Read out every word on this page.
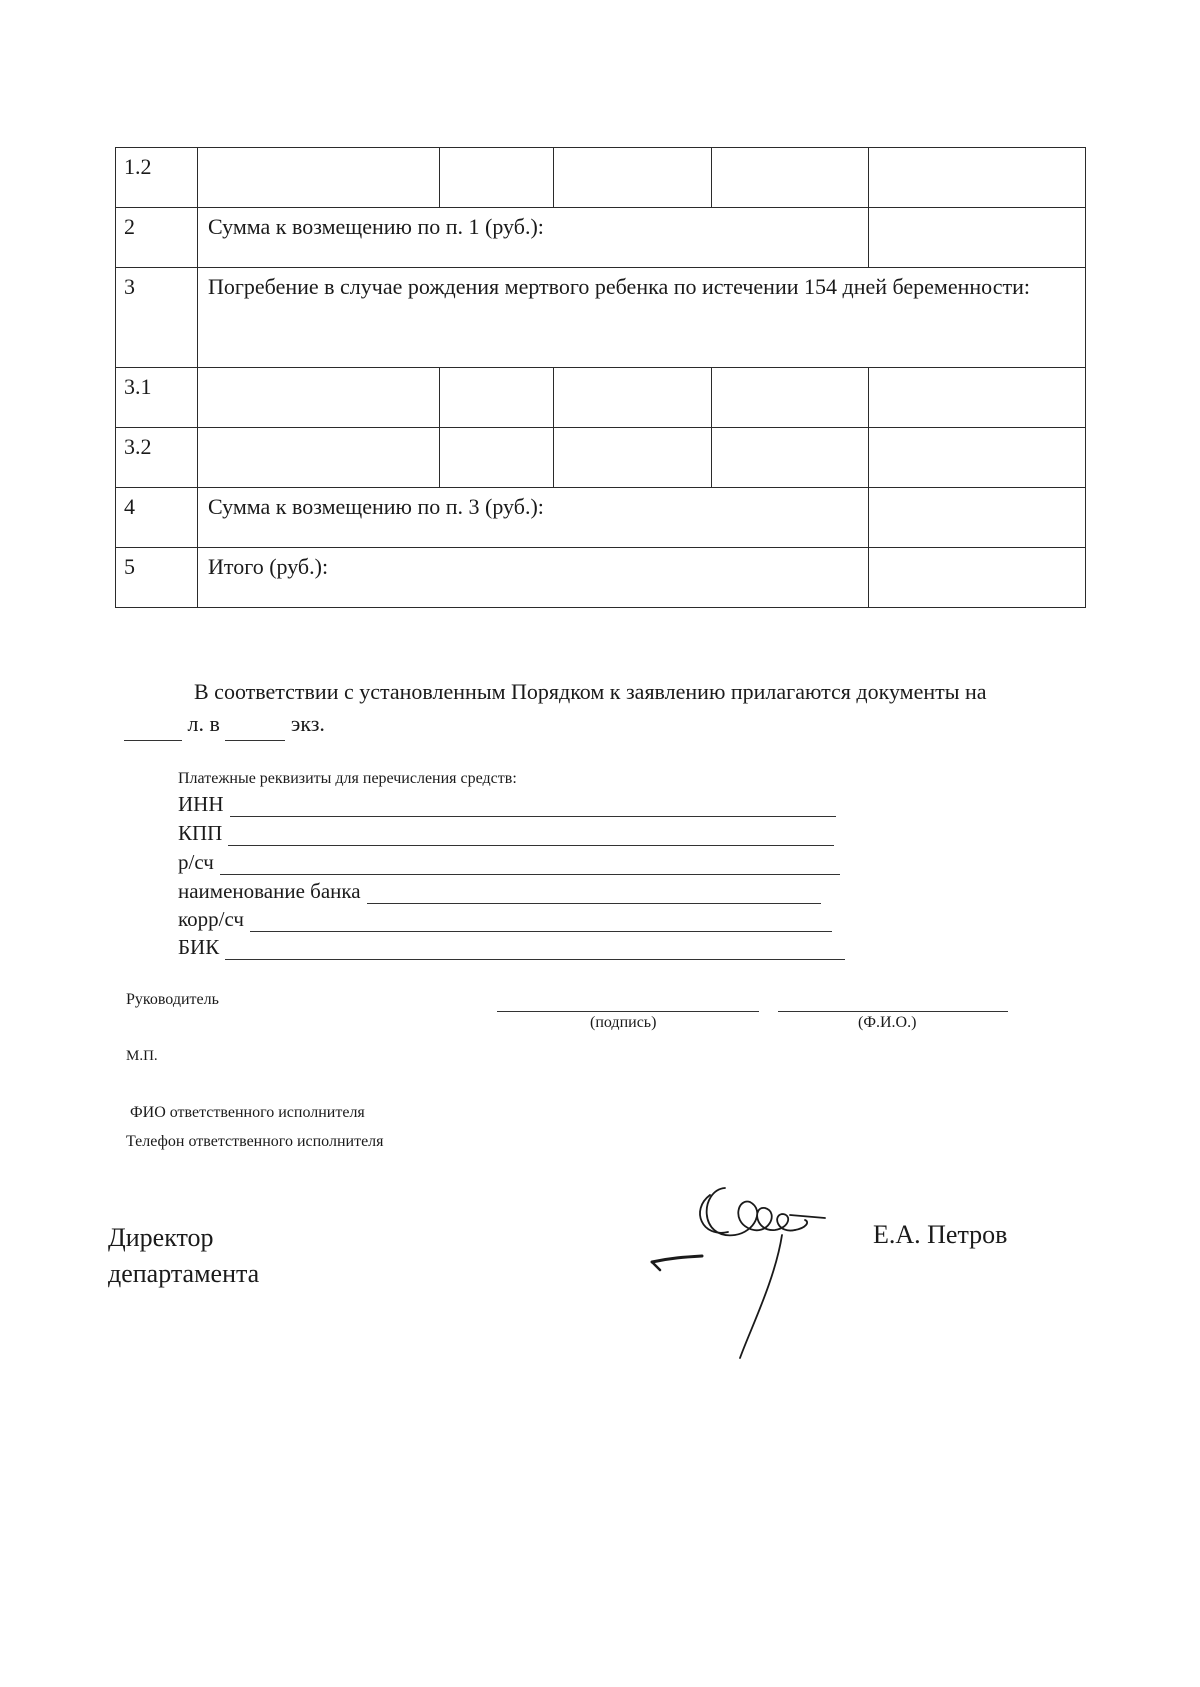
1.2					
2	Сумма к возмещению по п. 1 (руб.):				
3	Погребение в случае рождения мертвого ребенка по истечении 154 дней беременности:				
3.1					
3.2					
4	Сумма к возмещению по п. 3 (руб.):				
5	Итого (руб.):				
В соответствии с установленным Порядком к заявлению прилагаются документы на
л. в	экз.
Платежные реквизиты для перечисления средств:
ИНН
КПП
р/сч
наименование банка
корр/сч
БИК
Руководитель
(подпись)	(Ф.И.О.)
М.П.
ФИО ответственного исполнителя
Телефон ответственного исполнителя
Директор
департамента
Е.А. Петров
